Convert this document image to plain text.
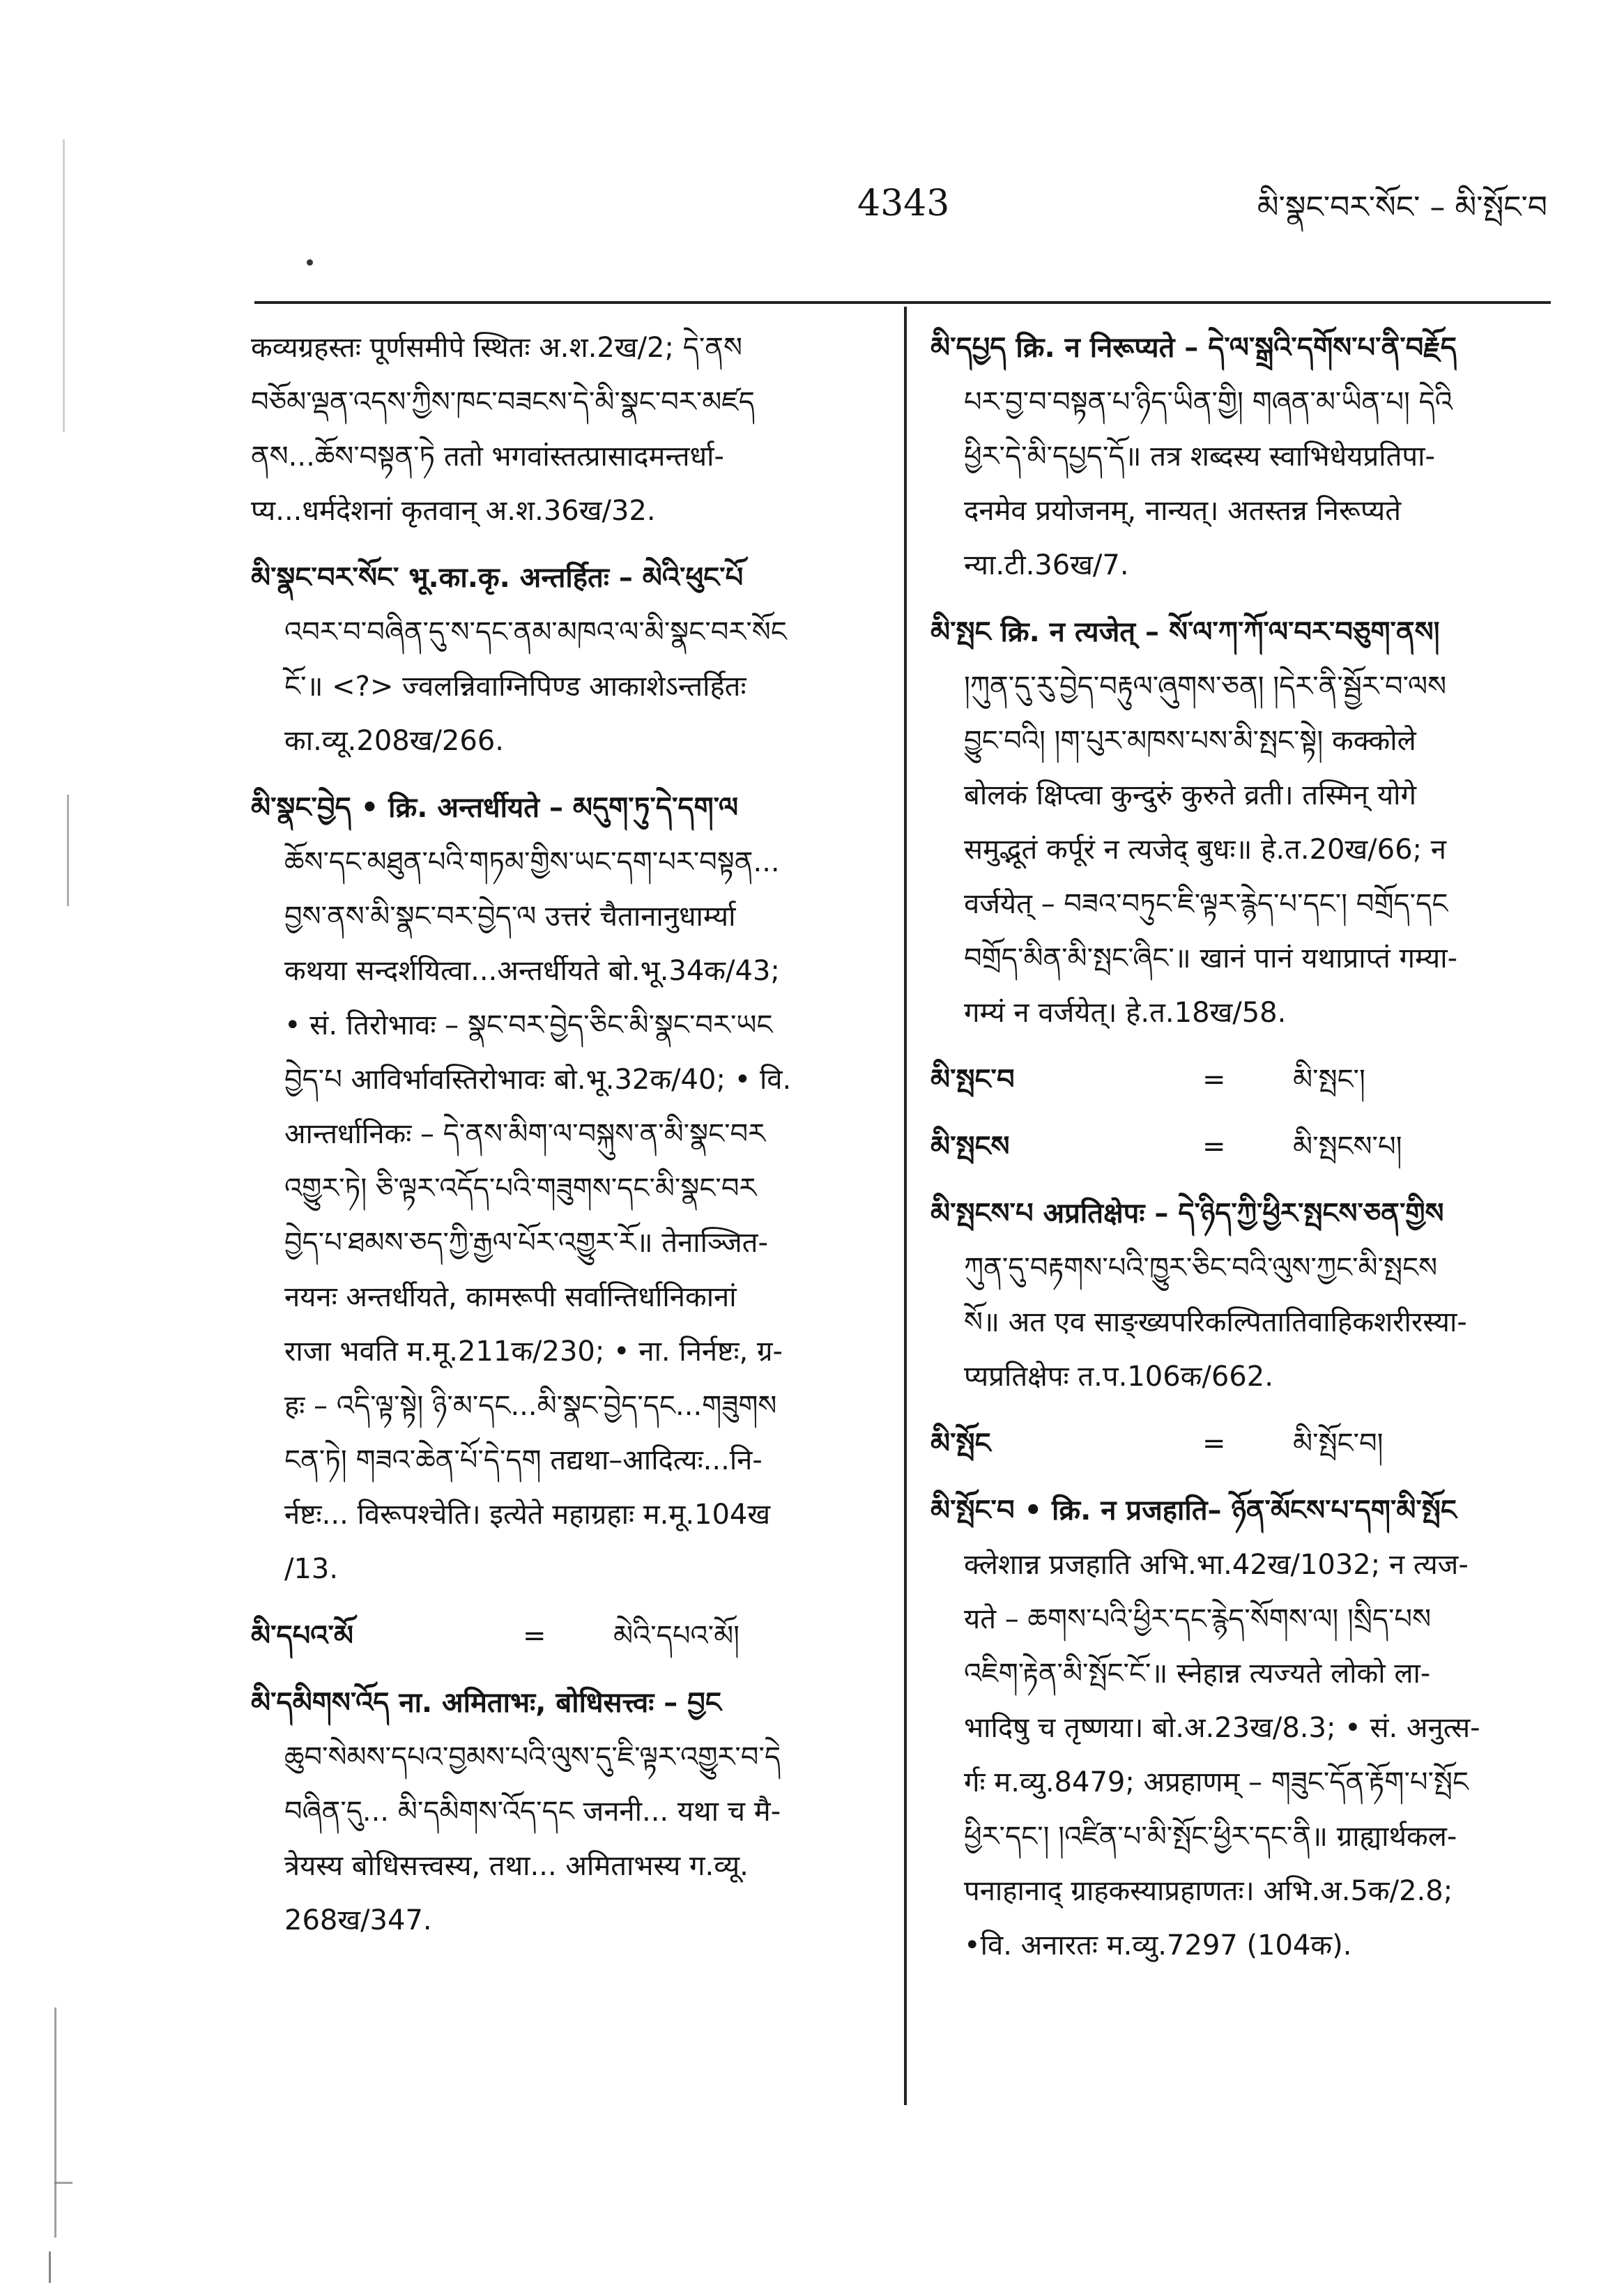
4343	མི་སྣང་བར་སོང་ – མི་སྤོང་བ
कव्यग्रहस्तः पूर्णसमीपे स्थितः अ.श.2ख/2; དེ་ནས
བཅོམ་ལྡན་འདས་ཀྱིས་ཁང་བཟངས་དེ་མི་སྣང་བར་མཛད
ནས...ཆོས་བསྟན་ཏེ ततो भगवांस्तत्प्रासादमन्तर्धा-
प्य...धर्मदेशनां कृतवान् अ.श.36ख/32.
མི་སྣང་བར་སོང་ भू.का.कृ. अन्तर्हितः – མེའི་ཕུང་པོ
འབར་བ་བཞིན་དུ་ས་དང་ནམ་མཁའ་ལ་མི་སྣང་བར་སོང
ངོ་॥ <?> ज्वलन्निवाग्निपिण्ड आकाशेऽन्तर्हितः
का.व्यू.208ख/266.
མི་སྣང་བྱེད • क्रि. अन्तर्धीयते – མདུག་ཏུ་དེ་དག་ལ
ཆོས་དང་མཐུན་པའི་གཏམ་གྱིས་ཡང་དག་པར་བསྟན...
བྱས་ནས་མི་སྣང་བར་བྱེད་ལ उत्तरं चैतानानुधार्म्या
कथया सन्दर्शयित्वा...अन्तर्धीयते बो.भू.34क/43;
• सं. तिरोभावः – སྣང་བར་བྱེད་ཅིང་མི་སྣང་བར་ཡང
བྱེད་པ आविर्भावस्तिरोभावः बो.भू.32क/40; • वि.
आन्तर्धानिकः – དེ་ནས་མིག་ལ་བསྐུས་ན་མི་སྣང་བར
འགྱུར་ཏེ། ཅི་ལྟར་འདོད་པའི་གཟུགས་དང་མི་སྣང་བར
བྱེད་པ་ཐམས་ཅད་ཀྱི་རྒྱལ་པོར་འགྱུར་རོ॥ तेनाञ्जित-
नयनः अन्तर्धीयते, कामरूपी सर्वान्तिर्धानिकानां
राजा भवति म.मू.211क/230; • ना. निर्नष्टः, ग्र-
हः – འདི་ལྟ་སྟེ། ཉི་མ་དང...མི་སྣང་བྱེད་དང...གཟུགས
ངན་ཏེ། གཟའ་ཆེན་པོ་དེ་དག तद्यथा–आदित्यः...नि-
र्नष्टः... विरूपश्चेति। इत्येते महाग्रहाः म.मू.104ख
/13.
མི་དཔའ་མོ	=	མེའི་དཔའ་མོ།
མི་དམིགས་འོད ना. अमिताभः, बोधिसत्त्वः – བྱང
ཆུབ་སེམས་དཔའ་བྱམས་པའི་ལུས་དུ་ཇི་ལྟར་འགྱུར་བ་དེ
བཞིན་དུ... མི་དམིགས་འོད་དང जननी... यथा च मै-
त्रेयस्य बोधिसत्त्वस्य, तथा... अमिताभस्य ग.व्यू.
268ख/347.
མི་དཔྱད क्रि. न निरूप्यते – དེ་ལ་སྒྲའི་དགོས་པ་ནི་བརྗོད
པར་བྱ་བ་བསྟན་པ་ཉིད་ཡིན་གྱི། གཞན་མ་ཡིན་པ། དེའི
ཕྱིར་དེ་མི་དཔྱད་དོ॥ तत्र शब्दस्य स्वाभिधेयप्रतिपा-
दनमेव प्रयोजनम्, नान्यत्। अतस्तन्न निरूप्यते
न्या.टी.36ख/7.
མི་སྤང क्रि. न त्यजेत् – སོ་ལ་ཀ་ཀོ་ལ་བར་བཅུག་ནས།
།ཀུན་དུ་རུ་བྱེད་བརྟུལ་ཞུགས་ཅན། །དེར་ནི་སྦྱོར་བ་ལས
བྱུང་བའི། །ག་པུར་མཁས་པས་མི་སྤང་སྟེ། कक्कोले
बोलकं क्षिप्त्वा कुन्दुरुं कुरुते व्रती। तस्मिन् योगे
समुद्भूतं कर्पूरं न त्यजेद् बुधः॥ हे.त.20ख/66; न
वर्जयेत् – བཟའ་བཏུང་ཇི་ལྟར་རྙེད་པ་དང་། བགྲོད་དང
བགྲོད་མིན་མི་སྤང་ཞིང་॥ खानं पानं यथाप्राप्तं गम्या-
गम्यं न वर्जयेत्। हे.त.18ख/58.
མི་སྤང་བ	=	མི་སྤང་།
མི་སྤངས	=	མི་སྤངས་པ།
མི་སྤངས་པ अप्रतिक्षेपः – དེ་ཉིད་ཀྱི་ཕྱིར་སྤངས་ཅན་གྱིས
ཀུན་དུ་བརྟགས་པའི་ཁྱུར་ཅིང་བའི་ལུས་ཀྱང་མི་སྤངས
སོ॥ अत एव साङ्ख्यपरिकल्पितातिवाहिकशरीरस्या-
प्यप्रतिक्षेपः त.प.106क/662.
མི་སྤོང	=	མི་སྤོང་བ།
མི་སྤོང་བ • क्रि. न प्रजहाति– ཉོན་མོངས་པ་དག་མི་སྤོང
क्लेशान्न प्रजहाति अभि.भा.42ख/1032; न त्यज-
यते – ཆགས་པའི་ཕྱིར་དང་རྙེད་སོགས་ལ། །སྲིད་པས
འཇིག་རྟེན་མི་སྤོང་ངོ་॥ स्नेहान्न त्यज्यते लोको ला-
भादिषु च तृष्णया। बो.अ.23ख/8.3; • सं. अनुत्स-
र्गः म.व्यु.8479; अप्रहाणम् – གཟུང་དོན་རྟོག་པ་སྤོང
ཕྱིར་དང་། །འཛིན་པ་མི་སྤོང་ཕྱིར་དང་ནི॥ ग्राह्यार्थकल-
पनाहानाद् ग्राहकस्याप्रहाणतः। अभि.अ.5क/2.8;
•वि. अनारतः म.व्यु.7297 (104क).
